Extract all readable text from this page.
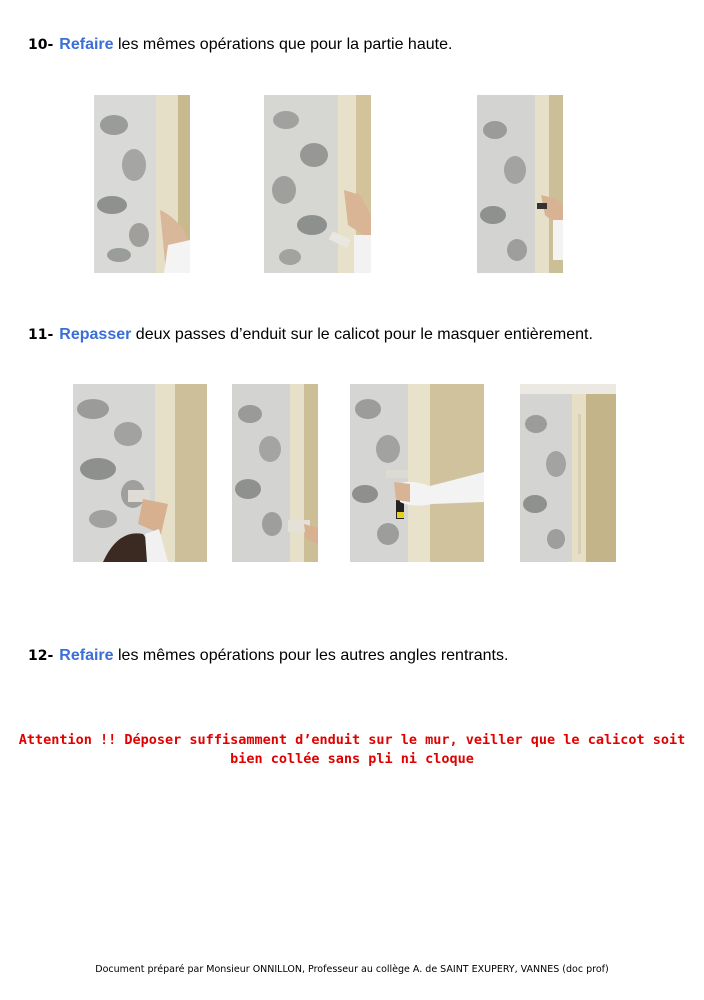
10- Refaire les mêmes opérations que pour la partie haute.
11- Repasser deux passes d’enduit sur le calicot pour le masquer entièrement.
12- Refaire les mêmes opérations pour les autres angles rentrants.
Attention !! Déposer suffisamment d’enduit sur le mur, veiller que le calicot soit
bien collée sans pli ni cloque
Document préparé par Monsieur ONNILLON, Professeur au collège A. de SAINT EXUPERY, VANNES (doc prof)
